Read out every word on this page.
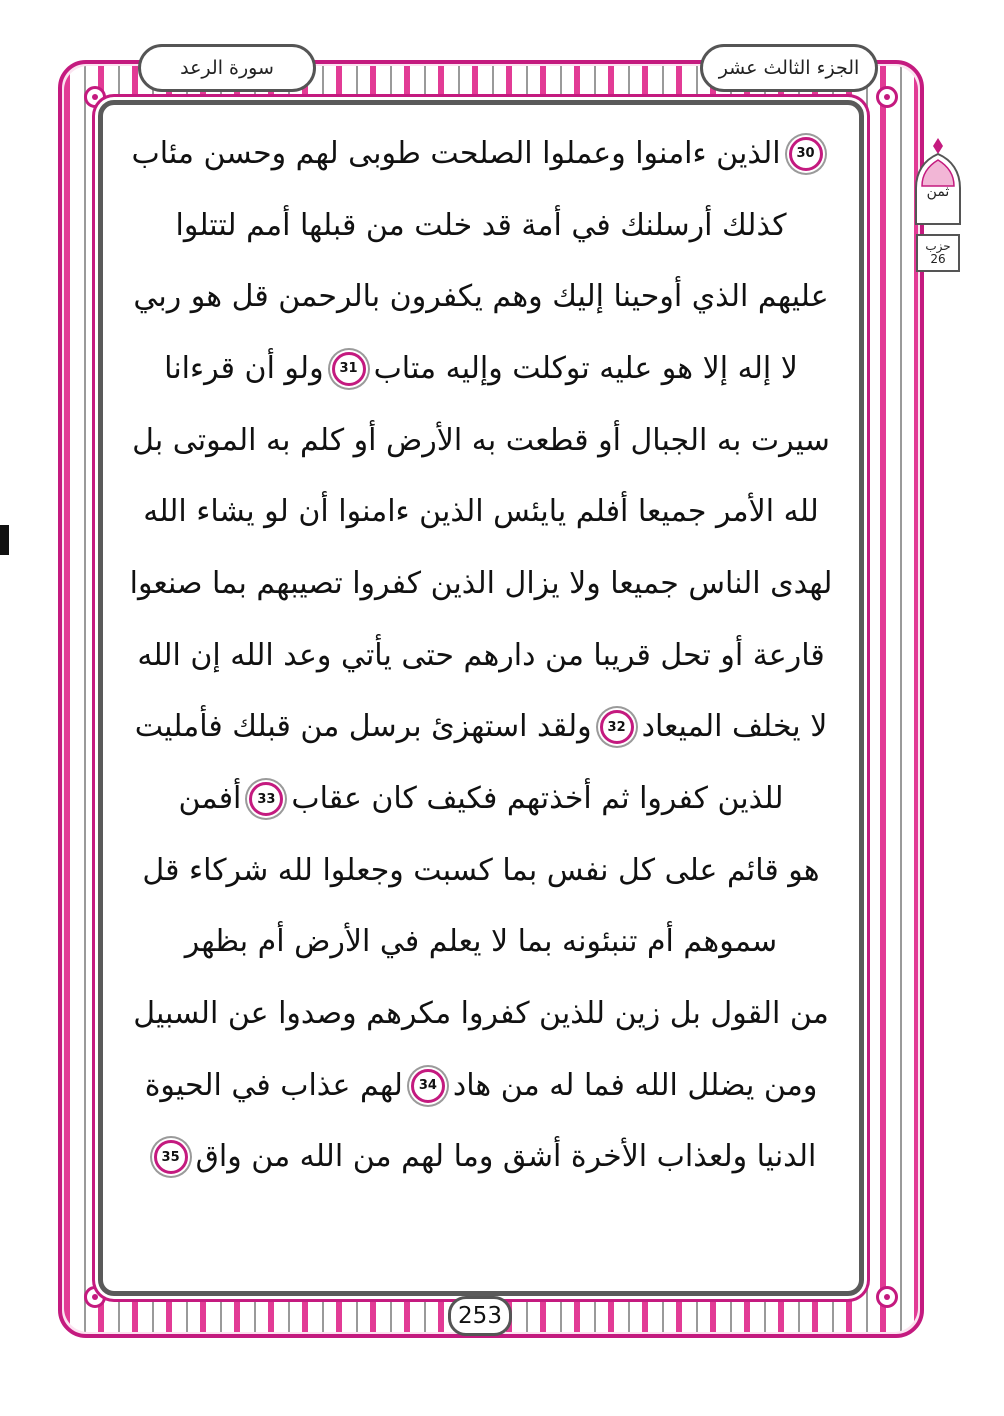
سورة الرعد	الجزء الثالث عشر
30
الذين ءامنوا وعملوا الصلحت طوبى لهم وحسن مئاب
كذلك أرسلنك في أمة قد خلت من قبلها أمم لتتلوا
عليهم الذي أوحينا إليك وهم يكفرون بالرحمن قل هو ربي
لا إله إلا هو عليه توكلت وإليه متاب
31
ولو أن قرءانا
سيرت به الجبال أو قطعت به الأرض أو كلم به الموتى بل
لله الأمر جميعا أفلم يايئس الذين ءامنوا أن لو يشاء الله
لهدى الناس جميعا ولا يزال الذين كفروا تصيبهم بما صنعوا
قارعة أو تحل قريبا من دارهم حتى يأتي وعد الله إن الله
لا يخلف الميعاد
32
ولقد استهزئ برسل من قبلك فأمليت
للذين كفروا ثم أخذتهم فكيف كان عقاب
33
أفمن
هو قائم على كل نفس بما كسبت وجعلوا لله شركاء قل
سموهم أم تنبئونه بما لا يعلم في الأرض أم بظهر
من القول بل زين للذين كفروا مكرهم وصدوا عن السبيل
ومن يضلل الله فما له من هاد
34
لهم عذاب في الحيوة
الدنيا ولعذاب الأخرة أشق وما لهم من الله من واق
35
253
ثمن
حزب
26
